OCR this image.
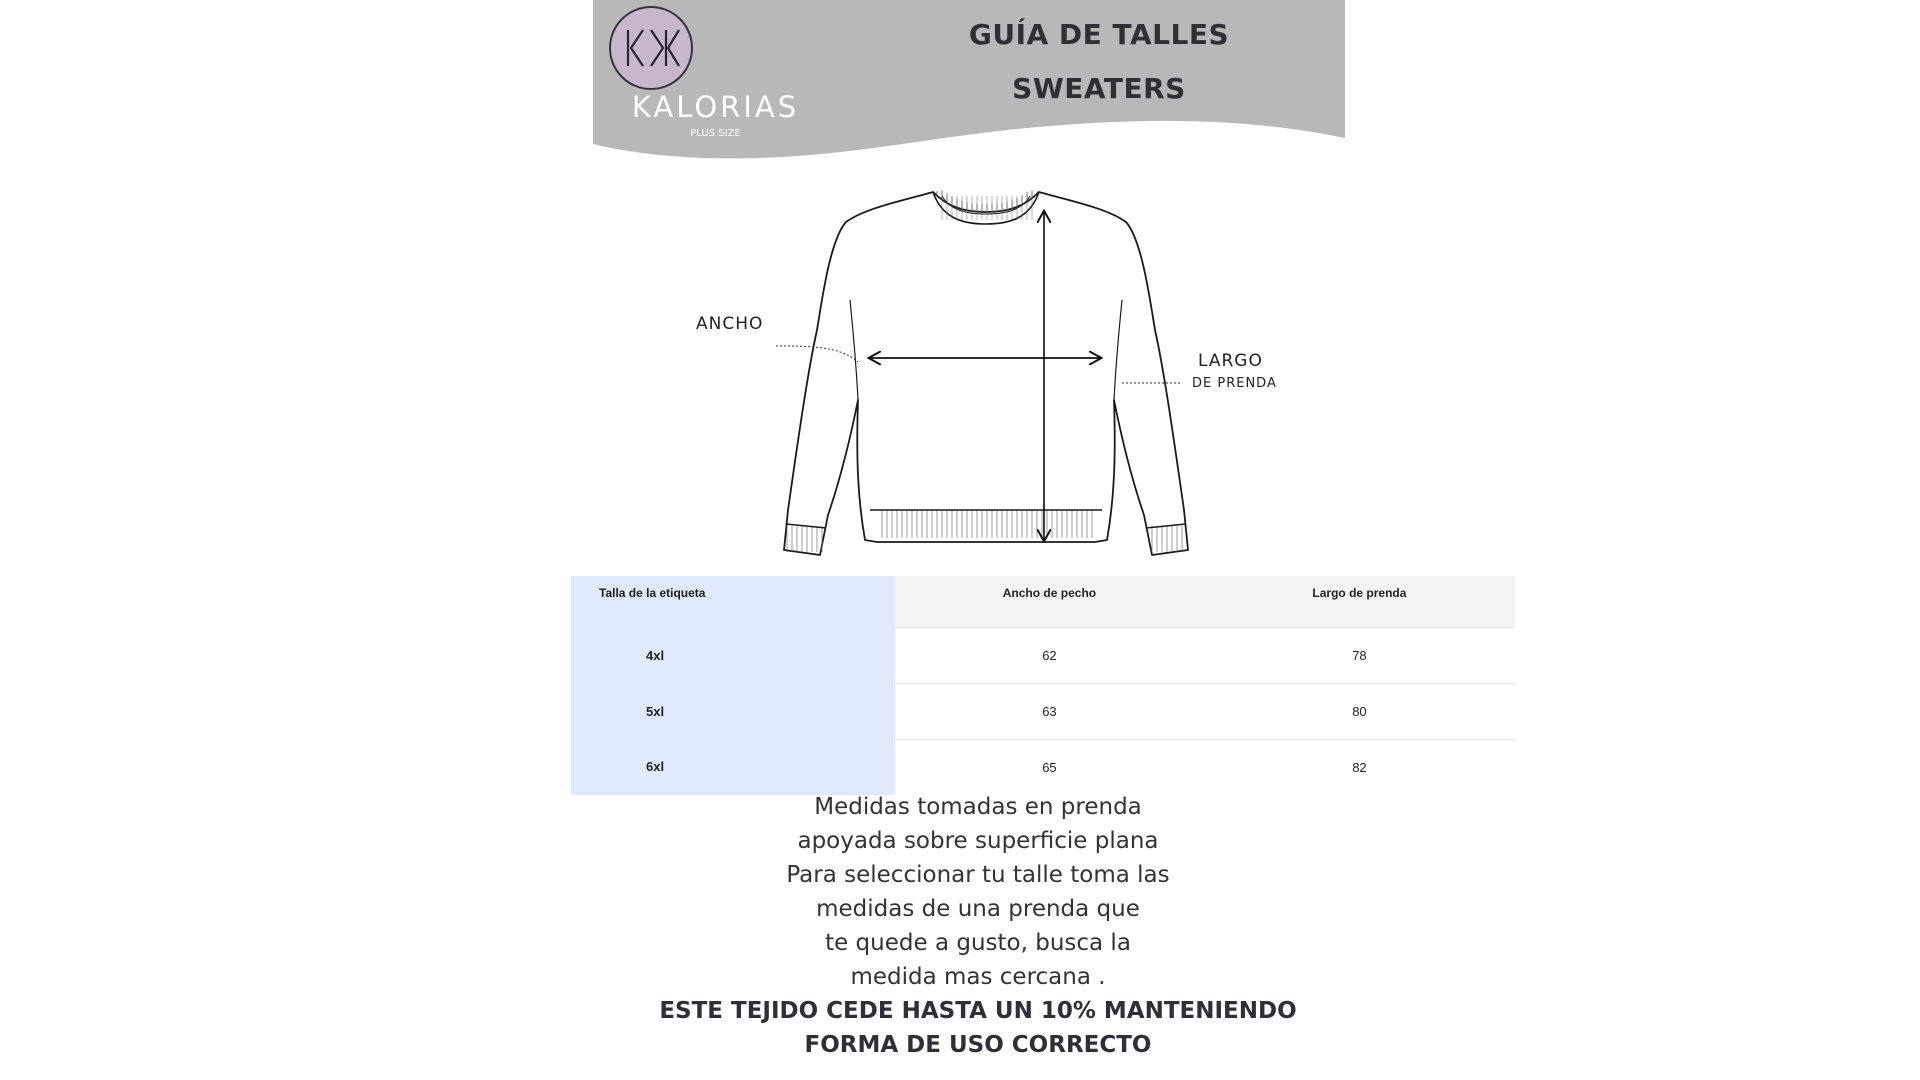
KALORIAS
PLUS SIZE
GUÍA DE TALLES
SWEATERS
ANCHO
LARGO
DE PRENDA
Talla de la etiqueta	Ancho de pecho	Largo de prenda
4xl	62	78
5xl	63	80
6xl	65	82
Medidas tomadas en prenda
apoyada sobre superficie plana
Para seleccionar tu talle toma las
medidas de una prenda que
te quede a gusto, busca la
medida mas cercana .
ESTE TEJIDO CEDE HASTA UN 10% MANTENIENDO
FORMA DE USO CORRECTO
